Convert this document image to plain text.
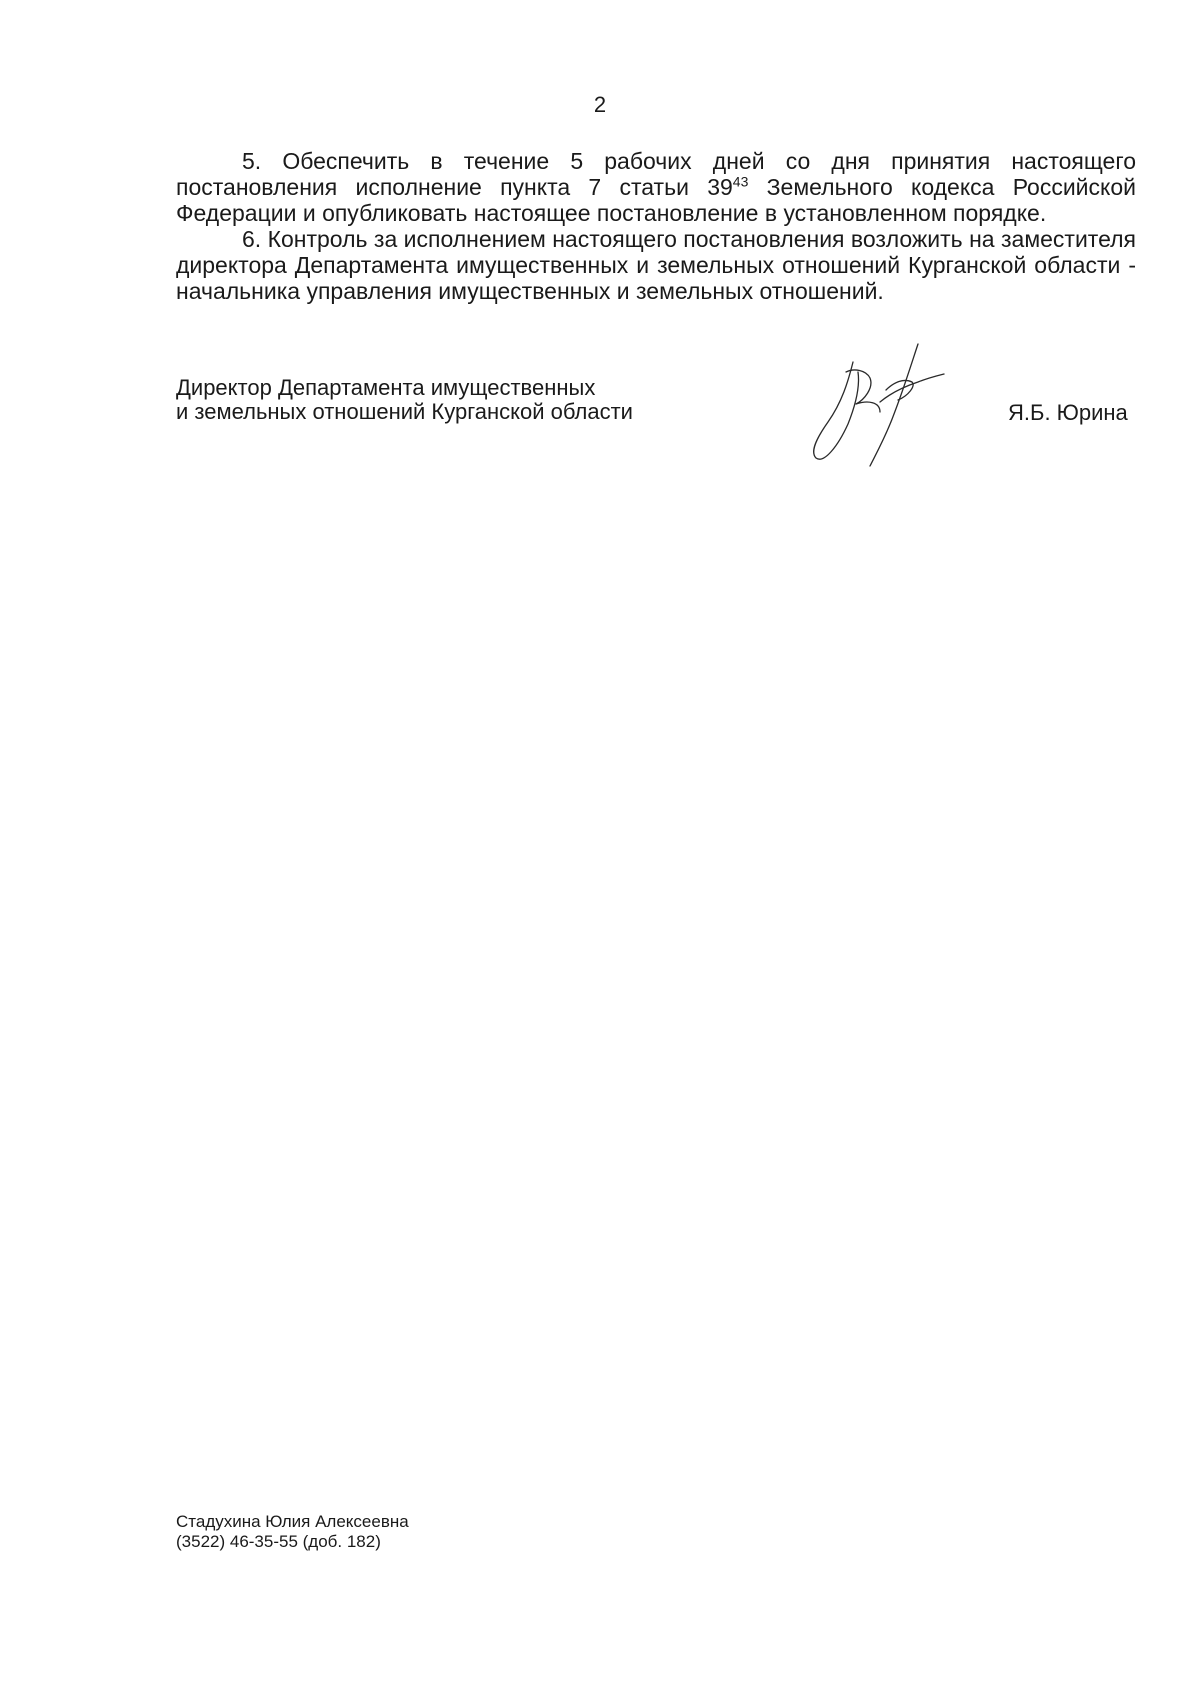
2

5. Обеспечить в течение 5 рабочих дней со дня принятия настоящего постановления исполнение пункта 7 статьи $39^{43}$ Земельного кодекса Российской Федерации и опубликовать настоящее постановление в установленном порядке.

6. Контроль за исполнением настоящего постановления возложить на заместителя директора Департамента имущественных и земельных отношений Курганской области - начальника управления имущественных и земельных отношений.

Директор Департамента имущественных
и земельных отношений Курганской области	Я.Б. Юрина
Стадухина Юлия Алексеевна
(3522) 46-35-55 (доб. 182)
